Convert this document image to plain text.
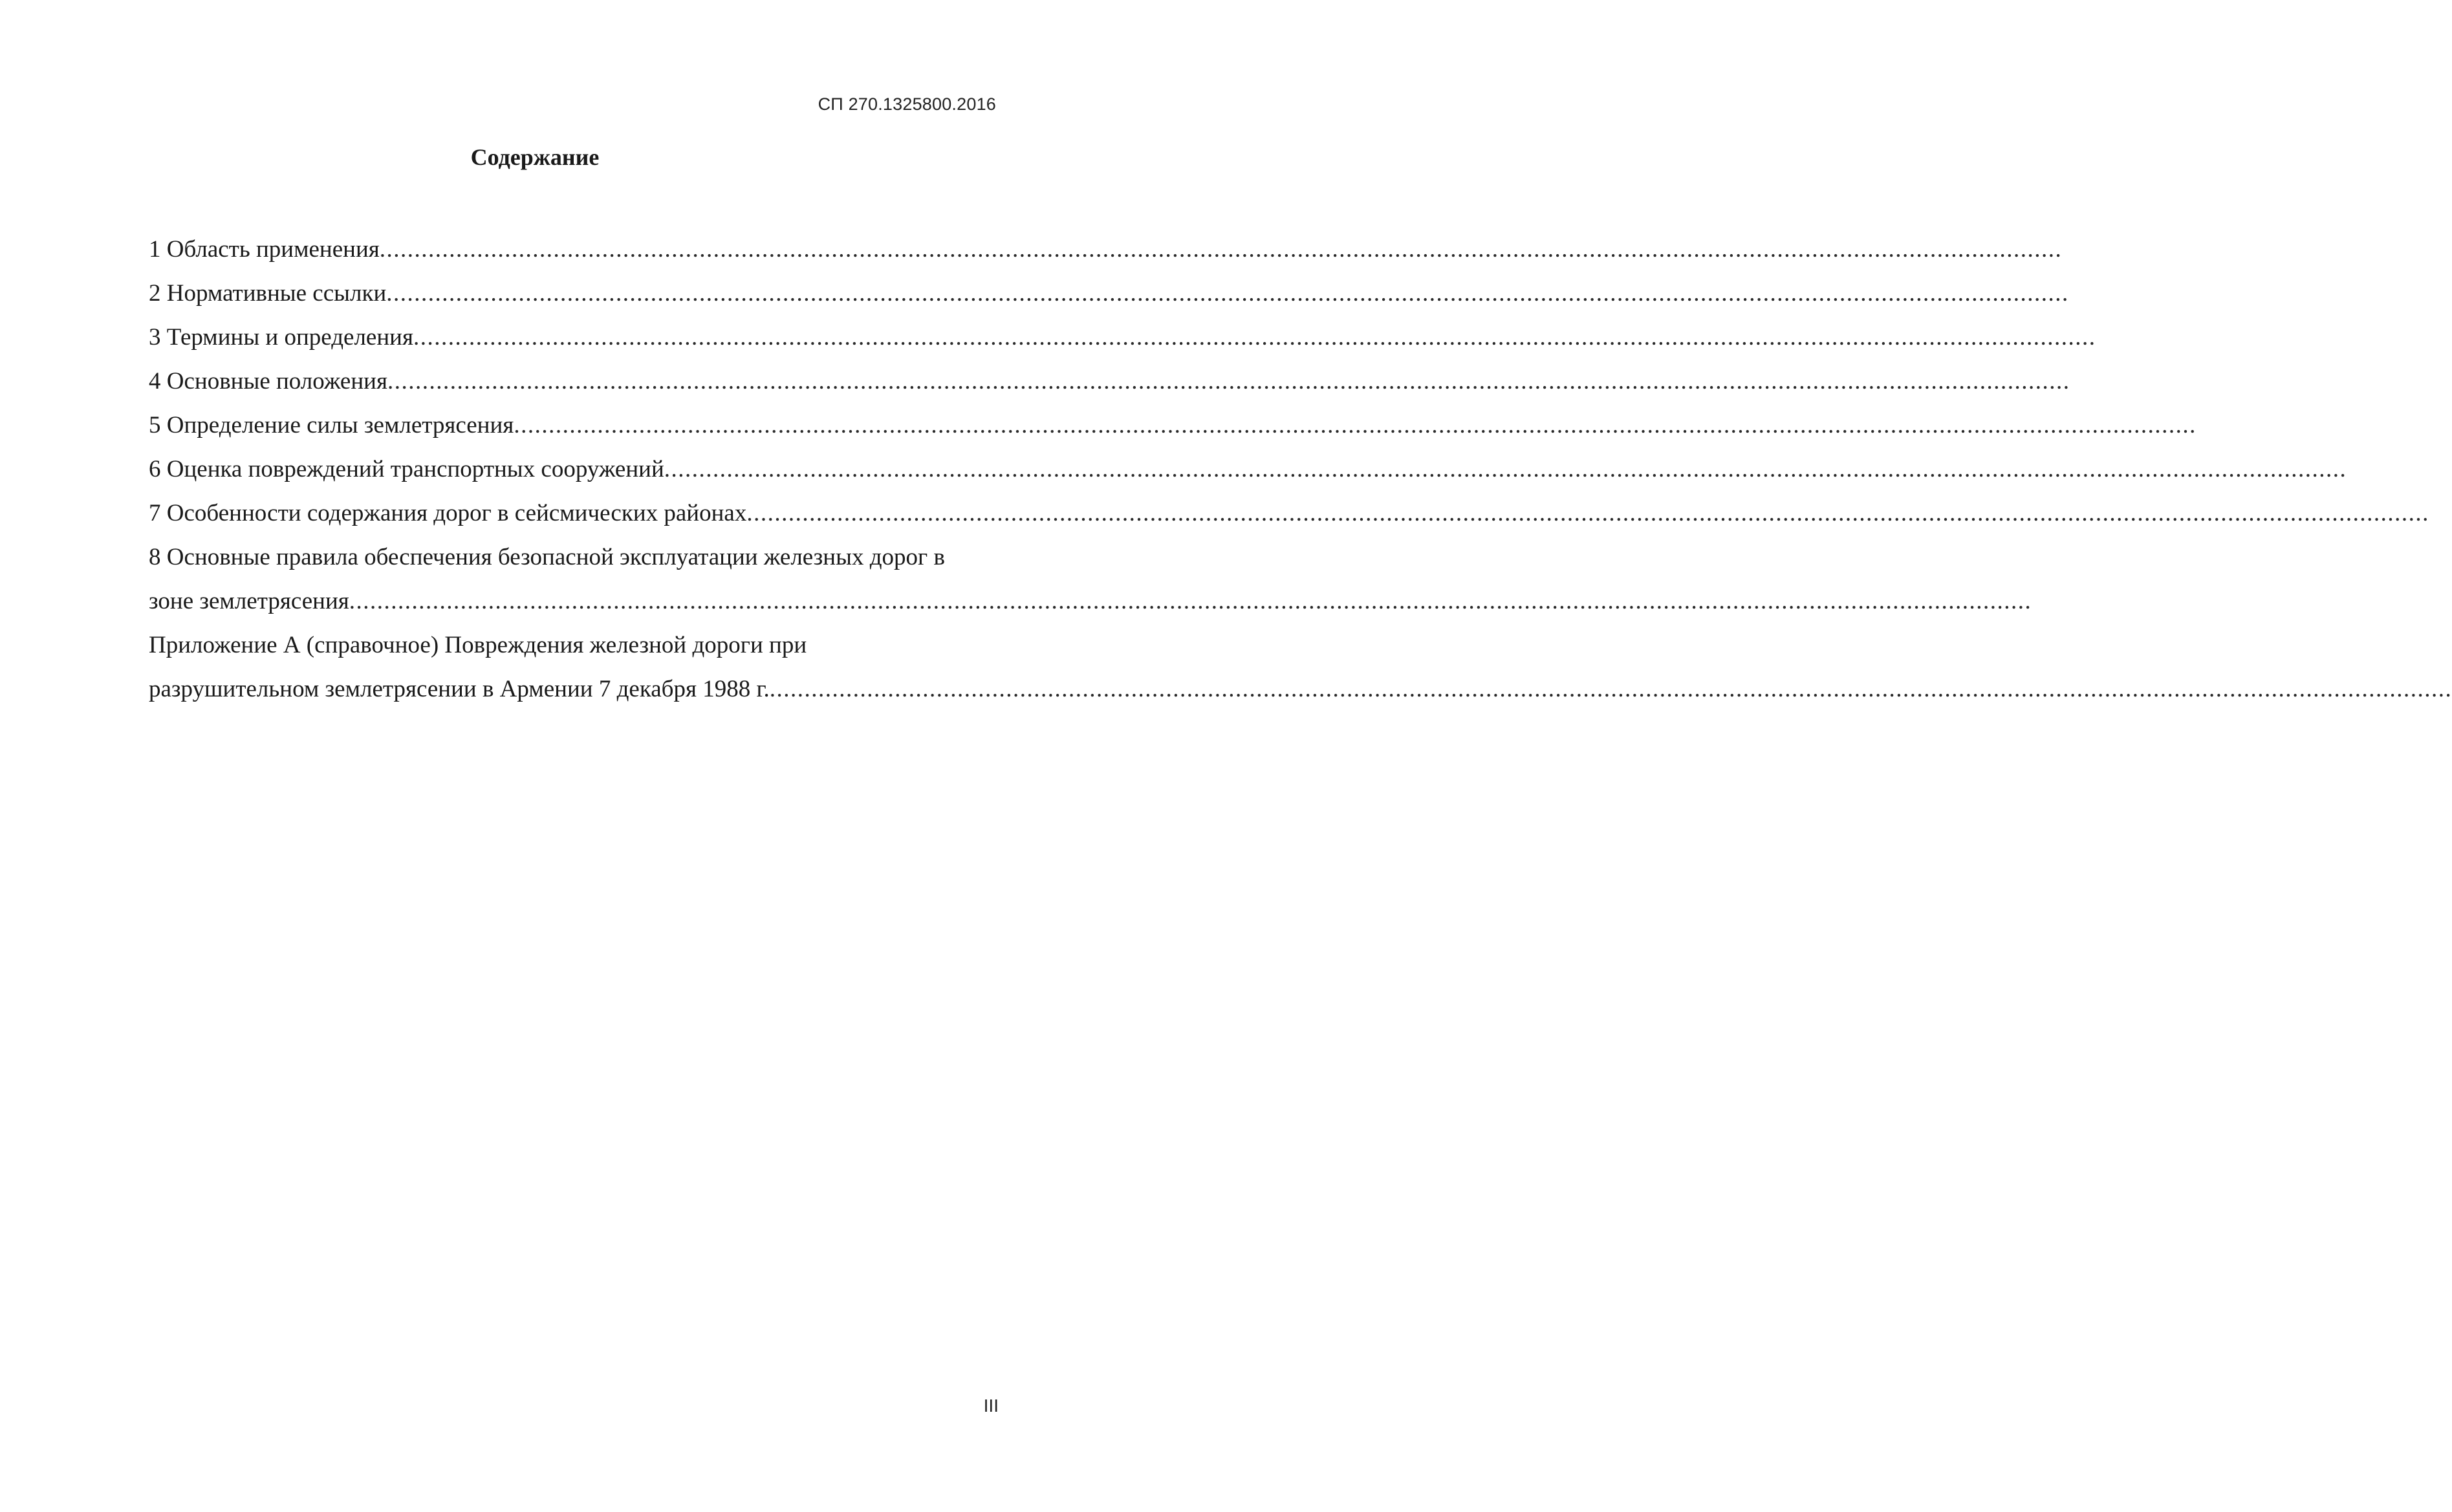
СП 270.1325800.2016
Содержание
1 Область применения ..................................................................................................................................................................................................................................................
2 Нормативные ссылки ..................................................................................................................................................................................................................................................
3 Термины и определения ..................................................................................................................................................................................................................................................
4 Основные положения ..................................................................................................................................................................................................................................................
5 Определение силы землетрясения ..................................................................................................................................................................................................................................................
6 Оценка повреждений транспортных сооружений ..................................................................................................................................................................................................................................................
7 Особенности содержания дорог в сейсмических районах ..................................................................................................................................................................................................................................................
8 Основные правила обеспечения безопасной эксплуатации железных дорог в
зоне землетрясения ..................................................................................................................................................................................................................................................
Приложение А (справочное) Повреждения железной дороги при
разрушительном землетрясении в Армении 7 декабря 1988 г. ..................................................................................................................................................................................................................................................
III
